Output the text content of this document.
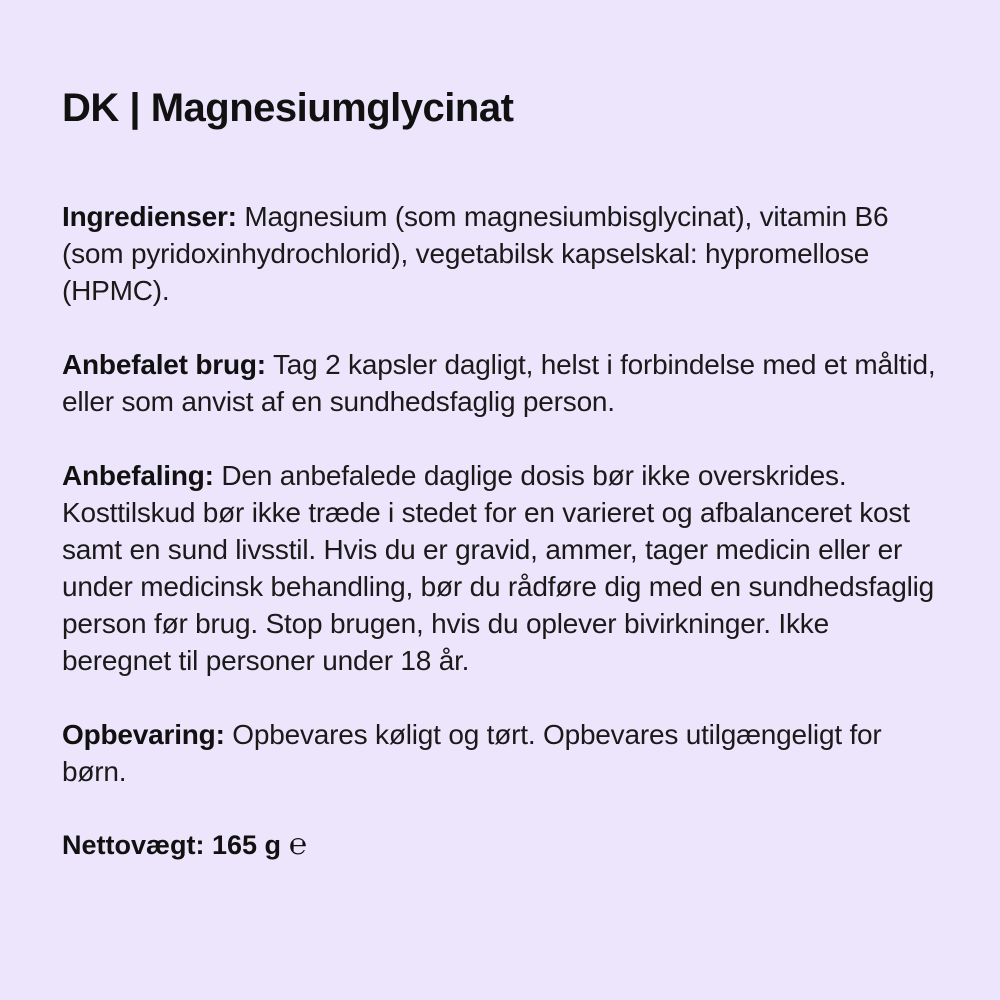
DK | Magnesiumglycinat

Ingredienser: Magnesium (som magnesiumbisglycinat), vitamin B6 (som pyridoxinhydrochlorid), vegetabilsk kapselskal: hypromellose (HPMC).

Anbefalet brug: Tag 2 kapsler dagligt, helst i forbindelse med et måltid, eller som anvist af en sundhedsfaglig person.

Anbefaling: Den anbefalede daglige dosis bør ikke overskrides. Kosttilskud bør ikke træde i stedet for en varieret og afbalanceret kost samt en sund livsstil. Hvis du er gravid, ammer, tager medicin eller er under medicinsk behandling, bør du rådføre dig med en sundhedsfaglig person før brug. Stop brugen, hvis du oplever bivirkninger. Ikke beregnet til personer under 18 år.

Opbevaring: Opbevares køligt og tørt. Opbevares utilgængeligt for børn.

Nettovægt: 165 g ℮
